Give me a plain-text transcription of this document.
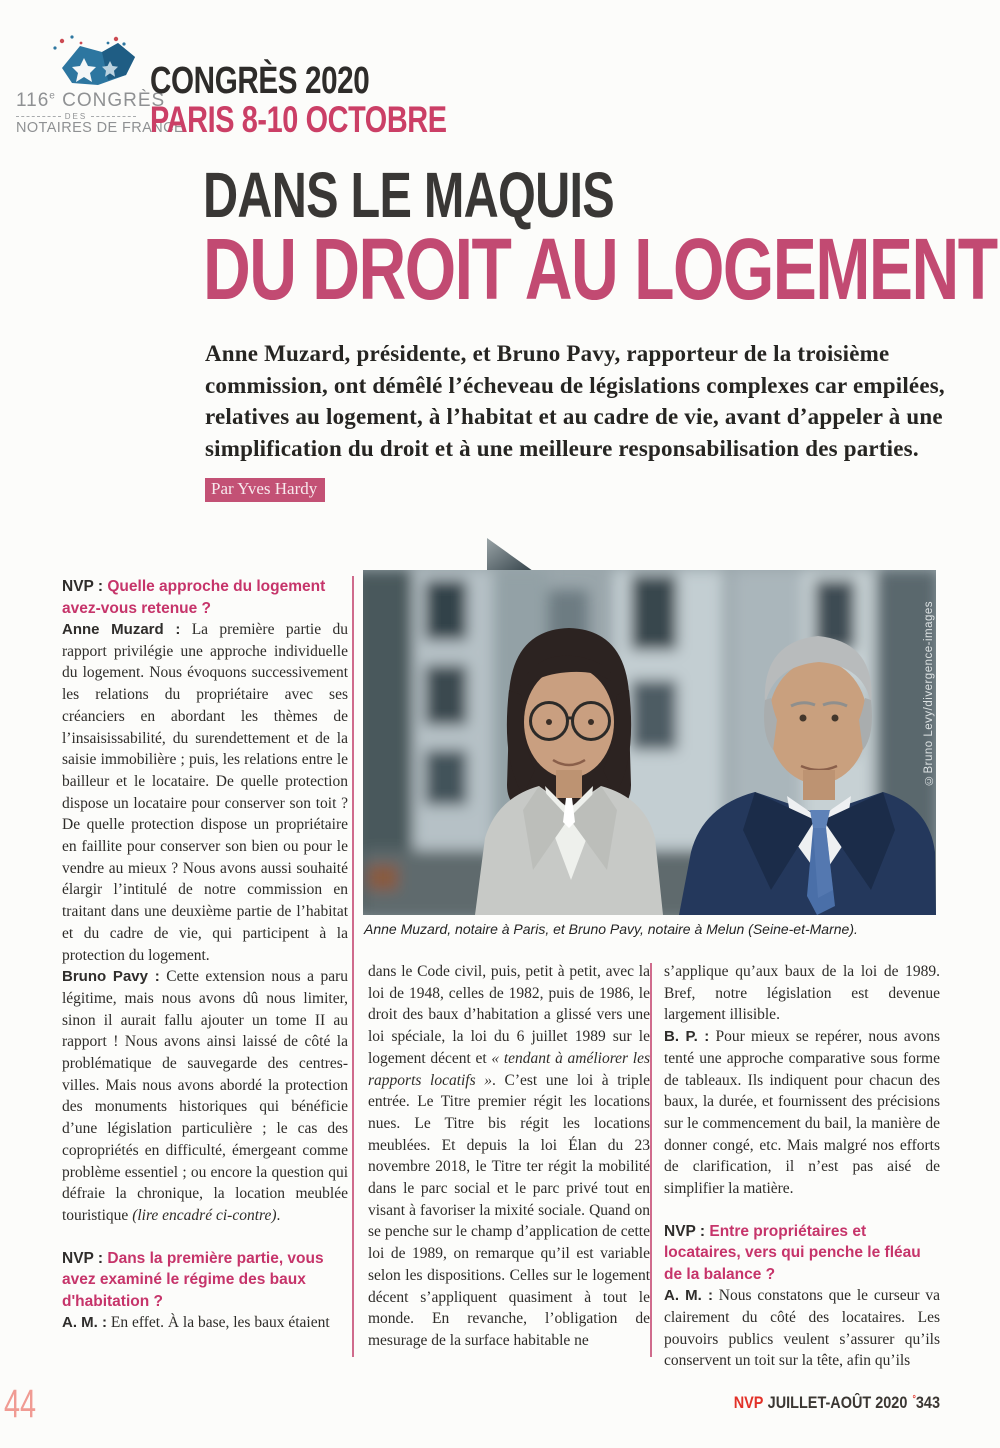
116e CONGRÈS
DES
NOTAIRES DE FRANCE
CONGRÈS 2020
PARIS 8-10 OCTOBRE
DANS LE MAQUIS
DU DROIT AU LOGEMENT

Anne Muzard, présidente, et Bruno Pavy, rapporteur de la troisième commission, ont démêlé l’écheveau de législations complexes car empilées, relatives au logement, à l’habitat et au cadre de vie, avant d’appeler à une simplification du droit et à une meilleure responsabilisation des parties.

Par Yves Hardy
©Bruno Levy/divergence-images
Anne Muzard, notaire à Paris, et Bruno Pavy, notaire à Melun (Seine-et-Marne).

NVP : Quelle approche du logement avez-vous retenue ?

Anne Muzard : La première partie du rapport privilégie une approche individuelle du logement. Nous évoquons successivement les relations du propriétaire avec ses créanciers en abordant les thèmes de l’insaisissabilité, du surendettement et de la saisie immobilière ; puis, les relations entre le bailleur et le locataire. De quelle protection dispose un locataire pour conserver son toit ? De quelle protection dispose un propriétaire en faillite pour conserver son bien ou pour le vendre au mieux ? Nous avons aussi souhaité élargir l’intitulé de notre commission en traitant dans une deuxième partie de l’habitat et du cadre de vie, qui participent à la protection du logement.

Bruno Pavy : Cette extension nous a paru légitime, mais nous avons dû nous limiter, sinon il aurait fallu ajouter un tome II au rapport ! Nous avons ainsi laissé de côté la problématique de sauvegarde des centres-villes. Mais nous avons abordé la protection des monuments historiques qui bénéficie d’une législation particulière ; le cas des copropriétés en difficulté, émergeant comme problème essentiel ; ou encore la question qui défraie la chronique, la location meublée touristique (lire encadré ci-contre).

NVP : Dans la première partie, vous avez examiné le régime des baux d'habitation ?

A. M. : En effet. À la base, les baux étaient

dans le Code civil, puis, petit à petit, avec la loi de 1948, celles de 1982, puis de 1986, le droit des baux d’habitation a glissé vers une loi spéciale, la loi du 6 juillet 1989 sur le logement décent et « tendant à améliorer les rapports locatifs ». C’est une loi à triple entrée. Le Titre premier régit les locations nues. Le Titre bis régit les locations meublées. Et depuis la loi Élan du 23 novembre 2018, le Titre ter régit la mobilité dans le parc social et le parc privé tout en visant à favoriser la mixité sociale. Quand on se penche sur le champ d’application de cette loi de 1989, on remarque qu’il est variable selon les dispositions. Celles sur le logement décent s’appliquent quasiment à tout le monde. En revanche, l’obligation de mesurage de la surface habitable ne

s’applique qu’aux baux de la loi de 1989. Bref, notre législation est devenue largement illisible.

B. P. : Pour mieux se repérer, nous avons tenté une approche comparative sous forme de tableaux. Ils indiquent pour chacun des baux, la durée, et fournissent des précisions sur le commencement du bail, la manière de donner congé, etc. Mais malgré nos efforts de clarification, il n’est pas aisé de simplifier la matière.

NVP : Entre propriétaires et locataires, vers qui penche le fléau de la balance ?

A. M. : Nous constatons que le curseur va clairement du côté des locataires. Les pouvoirs publics veulent s’assurer qu’ils conservent un toit sur la tête, afin qu’ils

44	NVP JUILLET-AOÛT 2020 °343
